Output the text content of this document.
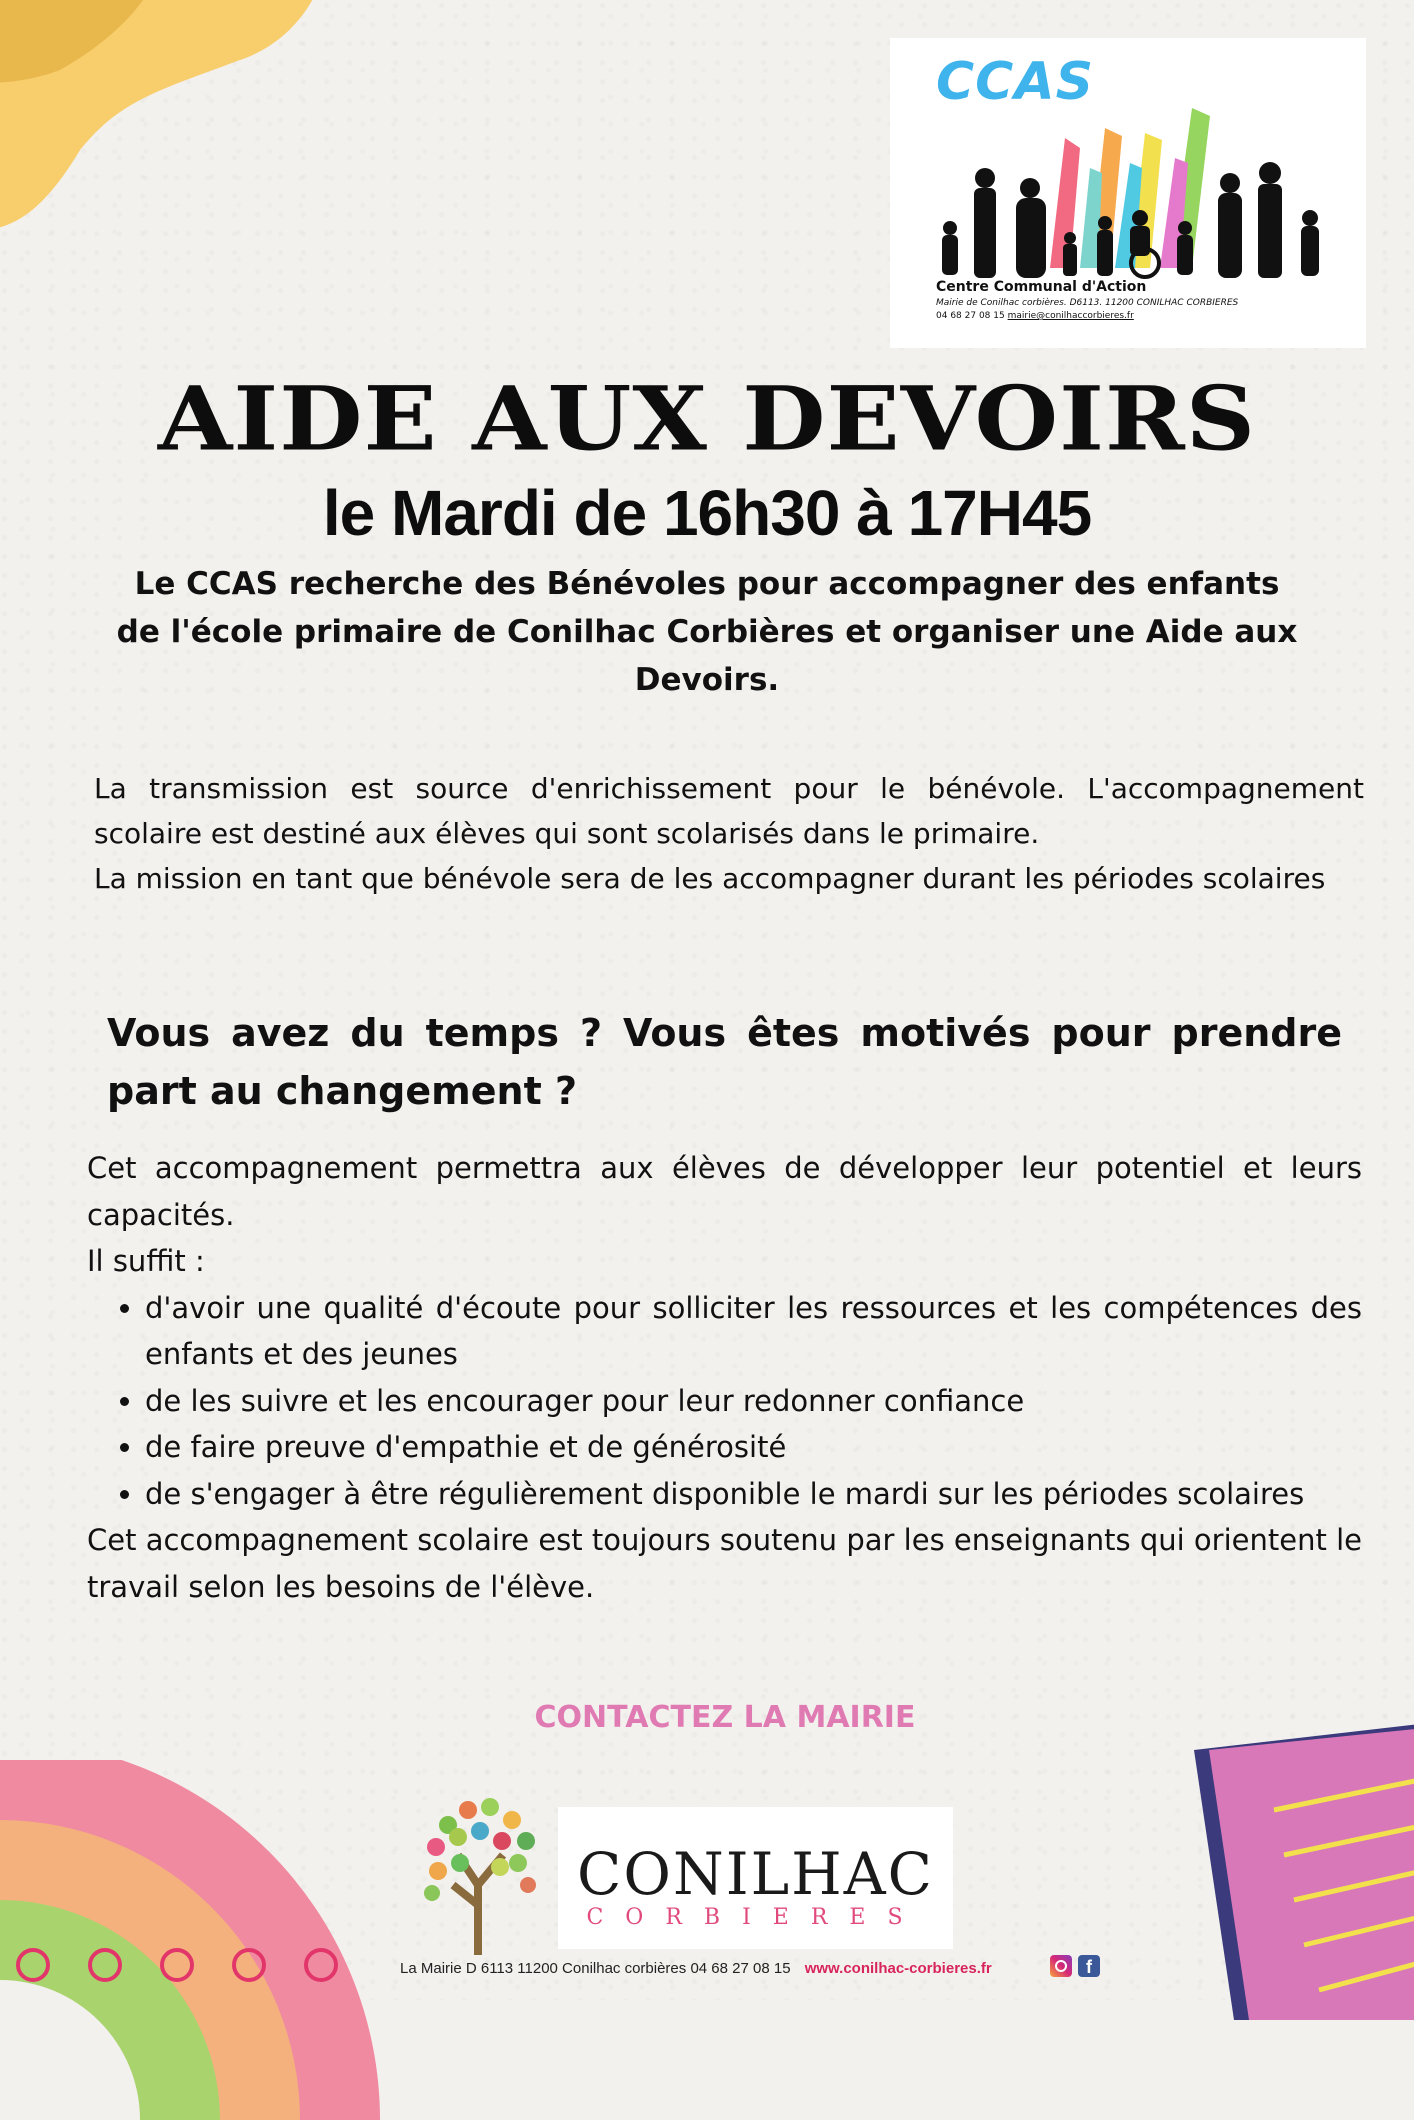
CCAS
Centre Communal d'Action
Mairie de Conilhac corbières. D6113. 11200 CONILHAC CORBIERES
04 68 27 08 15 mairie@conilhaccorbieres.fr
AIDE AUX DEVOIRS
le Mardi de 16h30 à 17H45
Le CCAS recherche des Bénévoles pour accompagner des enfants de l'école primaire de Conilhac Corbières et organiser une Aide aux Devoirs.

La transmission est source d'enrichissement pour le bénévole. L'accompagnement scolaire est destiné aux élèves qui sont scolarisés dans le primaire.

La mission en tant que bénévole sera de les accompagner durant les périodes scolaires

Vous avez du temps ? Vous êtes motivés pour prendre part au changement ?

Cet accompagnement permettra aux élèves de développer leur potentiel et leurs capacités.

Il suffit :

• d'avoir une qualité d'écoute pour solliciter les ressources et les compétences des enfants et des jeunes
• de les suivre et les encourager pour leur redonner confiance
• de faire preuve d'empathie et de générosité
• de s'engager à être régulièrement disponible le mardi sur les périodes scolaires

Cet accompagnement scolaire est toujours soutenu par les enseignants qui orientent le travail selon les besoins de l'élève.

CONTACTEZ LA MAIRIE
CONILHAC
CORBIERES
La Mairie D 6113 11200 Conilhac corbières 04 68 27 08 15 www.conilhac-corbieres.fr	f
